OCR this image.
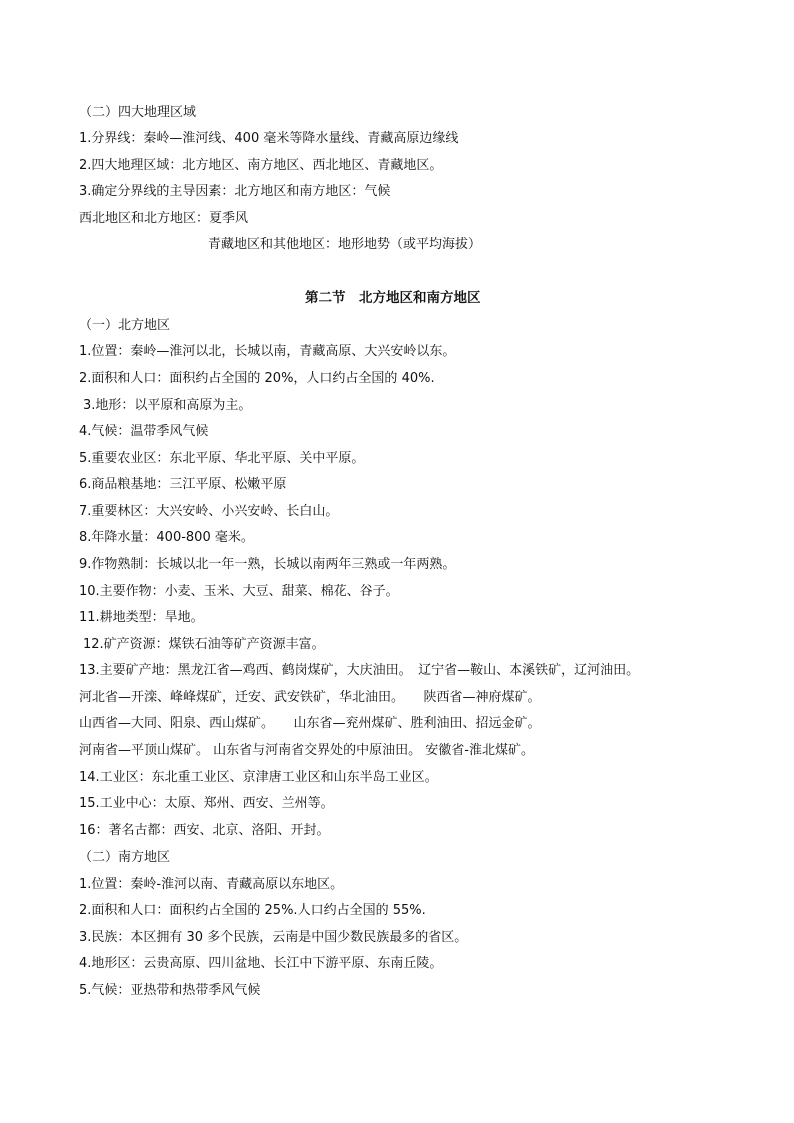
（二）四大地理区域
1.分界线：秦岭—淮河线、400 毫米等降水量线、青藏高原边缘线
2.四大地理区域：北方地区、南方地区、西北地区、青藏地区。
3.确定分界线的主导因素：北方地区和南方地区：气候
西北地区和北方地区：夏季风
青藏地区和其他地区：地形地势（或平均海拔）
第二节　北方地区和南方地区
（一）北方地区
1.位置：秦岭—淮河以北，长城以南，青藏高原、大兴安岭以东。
2.面积和人口：面积约占全国的 20%，人口约占全国的 40%.
3.地形：以平原和高原为主。
4.气候：温带季风气候
5.重要农业区：东北平原、华北平原、关中平原。
6.商品粮基地：三江平原、松嫩平原
7.重要林区：大兴安岭、小兴安岭、长白山。
8.年降水量：400-800 毫米。
9.作物熟制：长城以北一年一熟，长城以南两年三熟或一年两熟。
10.主要作物：小麦、玉米、大豆、甜菜、棉花、谷子。
11.耕地类型：旱地。
12.矿产资源：煤铁石油等矿产资源丰富。
13.主要矿产地：黑龙江省—鸡西、鹤岗煤矿，大庆油田。　辽宁省—鞍山、本溪铁矿，辽河油田。
河北省—开滦、峰峰煤矿，迁安、武安铁矿，华北油田。　　陕西省—神府煤矿。
山西省—大同、阳泉、西山煤矿。　　山东省—兖州煤矿、胜利油田、招远金矿。
河南省—平顶山煤矿。 山东省与河南省交界处的中原油田。 安徽省-淮北煤矿。
14.工业区：东北重工业区、京津唐工业区和山东半岛工业区。
15.工业中心：太原、郑州、西安、兰州等。
16：著名古都：西安、北京、洛阳、开封。
（二）南方地区
1.位置：秦岭-淮河以南、青藏高原以东地区。
2.面积和人口：面积约占全国的 25%.人口约占全国的 55%.
3.民族：本区拥有 30 多个民族，云南是中国少数民族最多的省区。
4.地形区：云贵高原、四川盆地、长江中下游平原、东南丘陵。
5.气候：亚热带和热带季风气候
